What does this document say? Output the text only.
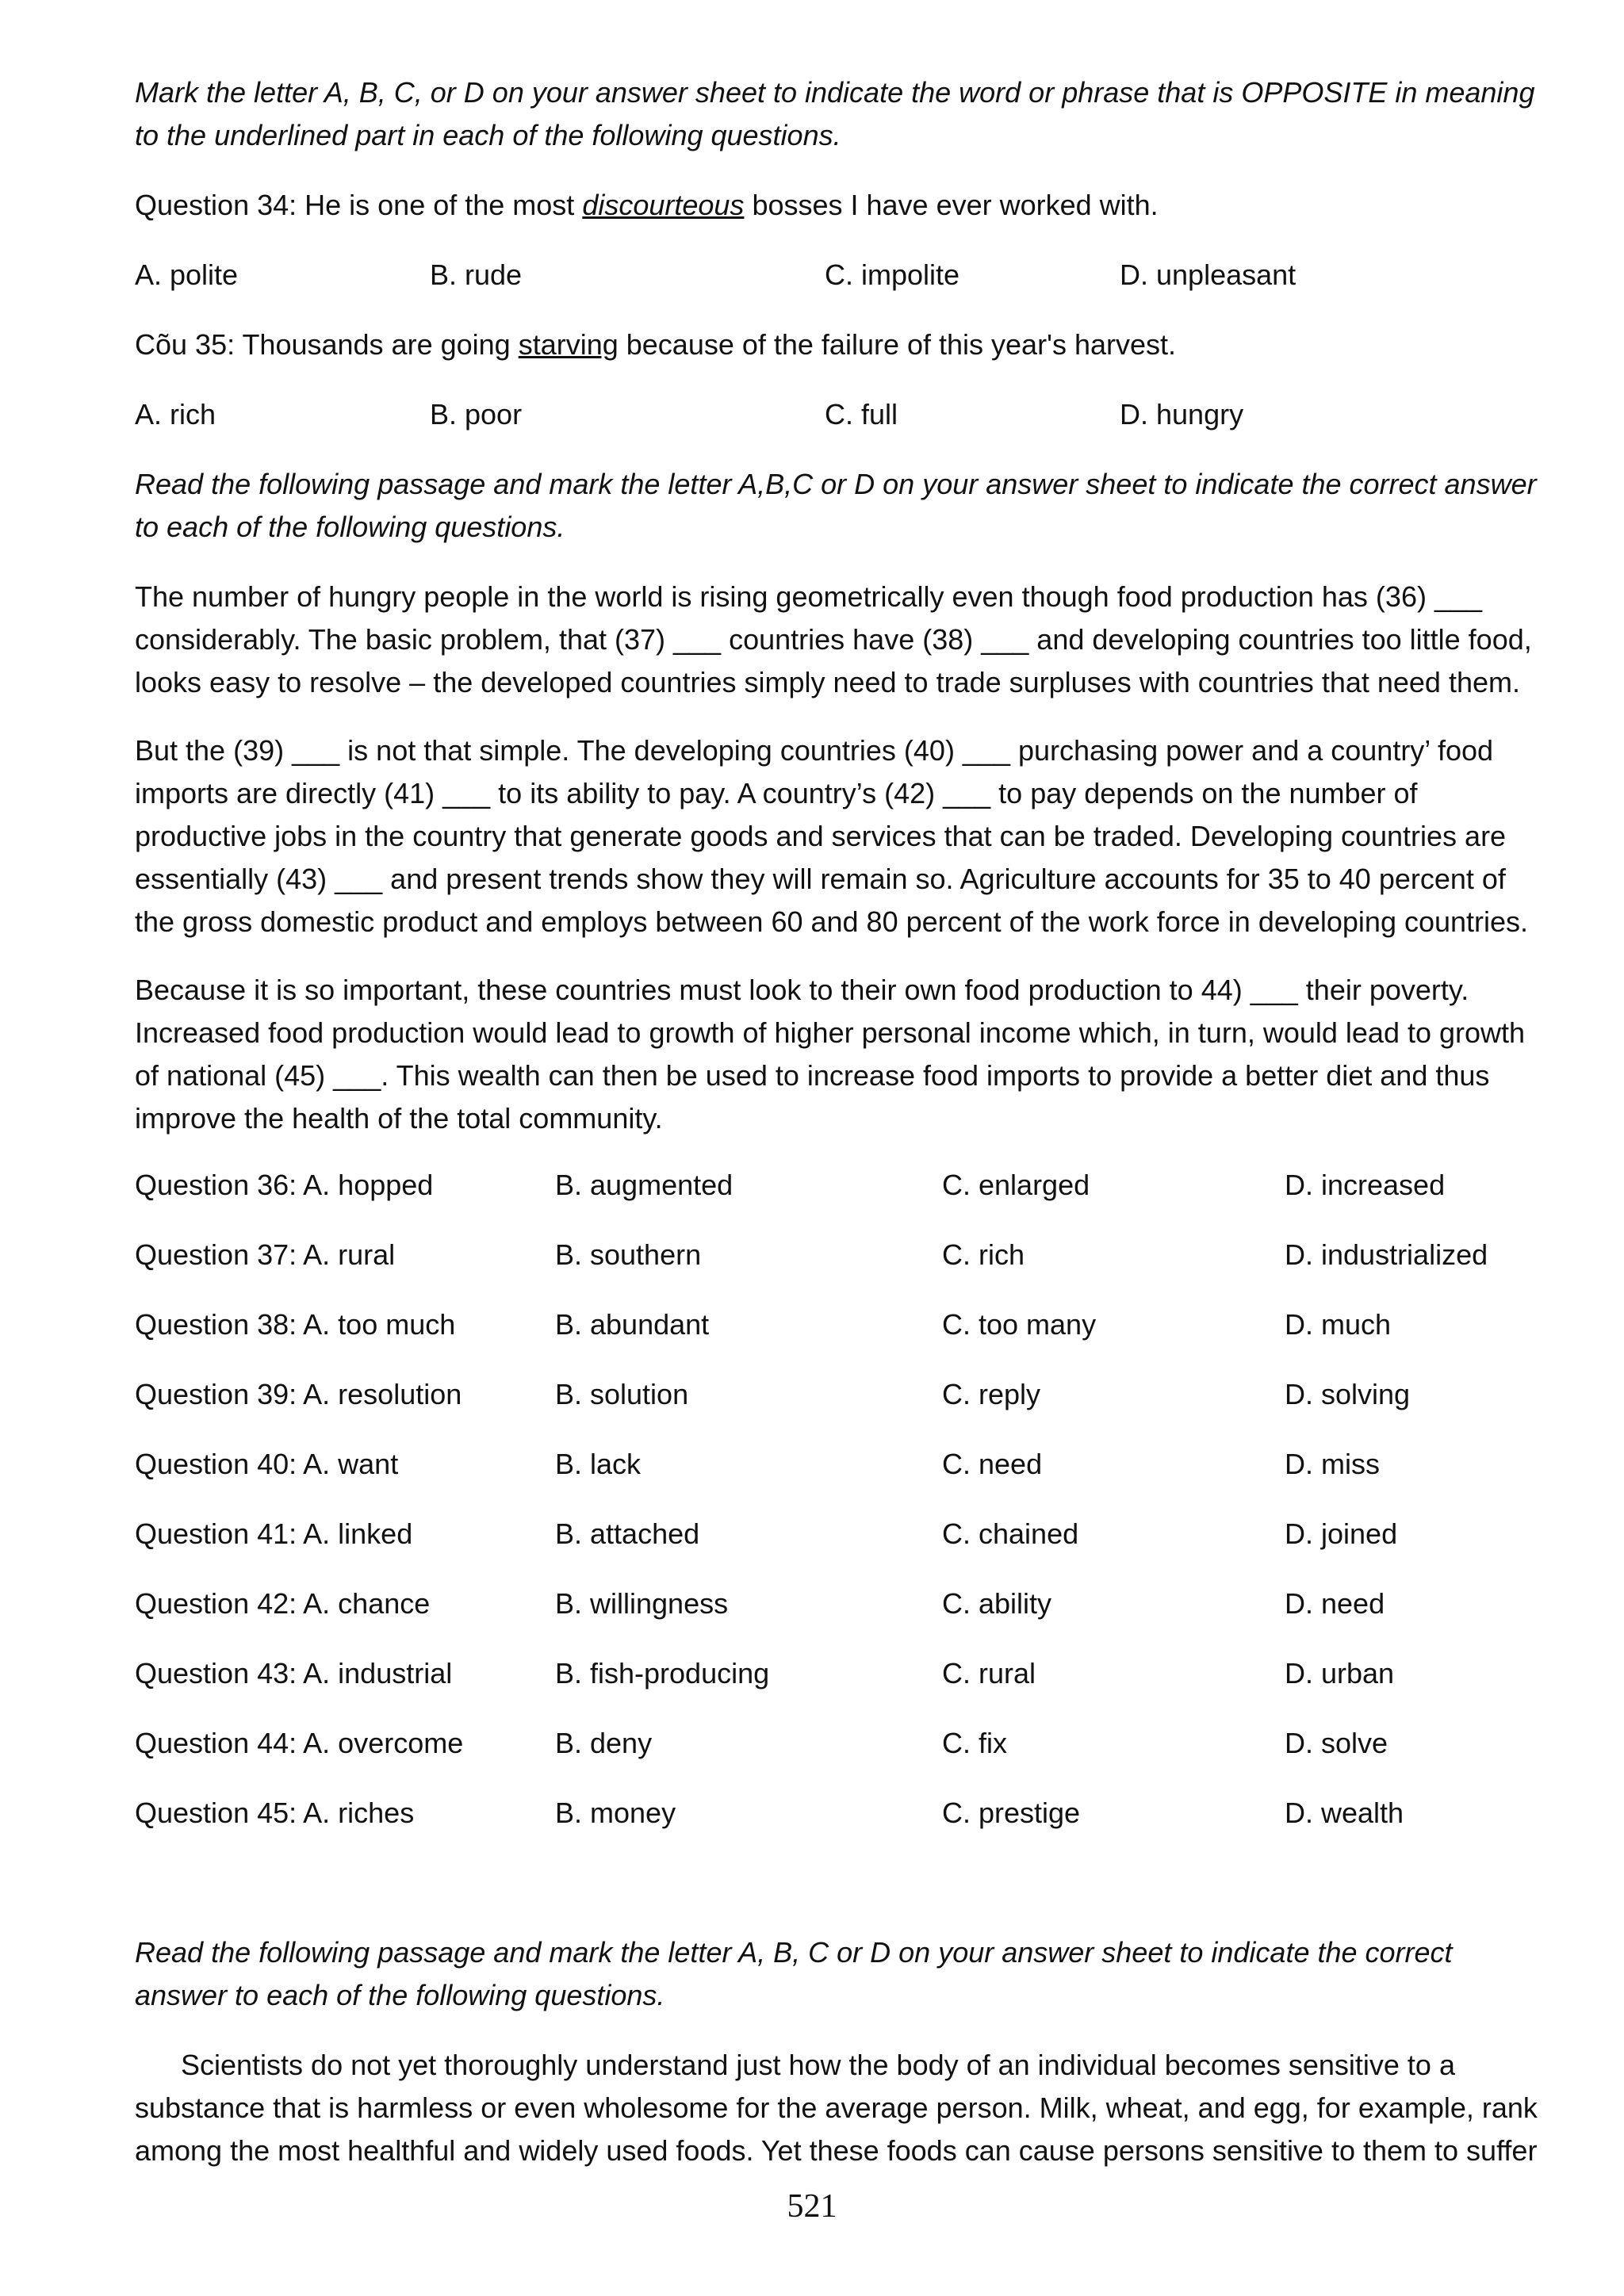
Mark the letter A, B, C, or D on your answer sheet to indicate the word or phrase that is OPPOSITE in meaning to the underlined part in each of the following questions.

Question 34: He is one of the most discourteous bosses I have ever worked with.

A. polite	B. rude	C. impolite	D. unpleasant

Cõu 35: Thousands are going starving because of the failure of this year's harvest.

A. rich	B. poor	C. full	D. hungry

Read the following passage and mark the letter A,B,C or D on your answer sheet to indicate the correct answer to each of the following questions.

The number of hungry people in the world is rising geometrically even though food production has (36) ___ considerably. The basic problem, that (37) ___ countries have (38) ___ and developing countries too little food, looks easy to resolve – the developed countries simply need to trade surpluses with countries that need them.

But the (39) ___ is not that simple. The developing countries (40) ___ purchasing power and a country’ food imports are directly (41) ___ to its ability to pay. A country’s (42) ___ to pay depends on the number of productive jobs in the country that generate goods and services that can be traded. Developing countries are essentially (43) ___ and present trends show they will remain so. Agriculture accounts for 35 to 40 percent of the gross domestic product and employs between 60 and 80 percent of the work force in developing countries.

Because it is so important, these countries must look to their own food production to 44) ___ their poverty. Increased food production would lead to growth of higher personal income which, in turn, would lead to growth of national (45) ___. This wealth can then be used to increase food imports to provide a better diet and thus improve the health of the total community.

Question 36: A. hopped	B. augmented	C. enlarged	D. increased
Question 37: A. rural	B. southern	C. rich	D. industrialized
Question 38: A. too much	B. abundant	C. too many	D. much
Question 39: A. resolution	B. solution	C. reply	D. solving
Question 40: A. want	B. lack	C. need	D. miss
Question 41: A. linked	B. attached	C. chained	D. joined
Question 42: A. chance	B. willingness	C. ability	D. need
Question 43: A. industrial	B. fish-producing	C. rural	D. urban
Question 44: A. overcome	B. deny	C. fix	D. solve
Question 45: A. riches	B. money	C. prestige	D. wealth

Read the following passage and mark the letter A, B, C or D on your answer sheet to indicate the correct answer to each of the following questions.

Scientists do not yet thoroughly understand just how the body of an individual becomes sensitive to a substance that is harmless or even wholesome for the average person. Milk, wheat, and egg, for example, rank among the most healthful and widely used foods. Yet these foods can cause persons sensitive to them to suffer

521
